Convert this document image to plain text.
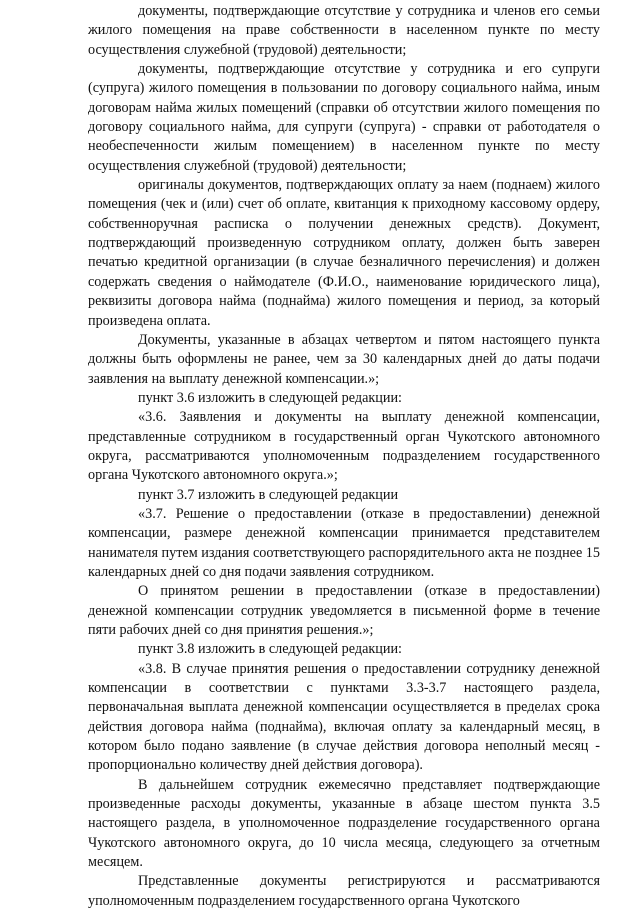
документы, подтверждающие отсутствие у сотрудника и членов его семьи жилого помещения на праве собственности в населенном пункте по месту осуществления служебной (трудовой) деятельности;

документы, подтверждающие отсутствие у сотрудника и его супруги (супруга) жилого помещения в пользовании по договору социального найма, иным договорам найма жилых помещений (справки об отсутствии жилого помещения по договору социального найма, для супруги (супруга) - справки от работодателя о необеспеченности жилым помещением) в населенном пункте по месту осуществления служебной (трудовой) деятельности;

оригиналы документов, подтверждающих оплату за наем (поднаем) жилого помещения (чек и (или) счет об оплате, квитанция к приходному кассовому ордеру, собственноручная расписка о получении денежных средств). Документ, подтверждающий произведенную сотрудником оплату, должен быть заверен печатью кредитной организации (в случае безналичного перечисления) и должен содержать сведения о наймодателе (Ф.И.О., наименование юридического лица), реквизиты договора найма (поднайма) жилого помещения и период, за который произведена оплата.

Документы, указанные в абзацах четвертом и пятом настоящего пункта должны быть оформлены не ранее, чем за 30 календарных дней до даты подачи заявления на выплату денежной компенсации.»;

пункт 3.6 изложить в следующей редакции:

«3.6. Заявления и документы на выплату денежной компенсации, представленные сотрудником в государственный орган Чукотского автономного округа, рассматриваются уполномоченным подразделением государственного органа Чукотского автономного округа.»;

пункт 3.7 изложить в следующей редакции

«3.7. Решение о предоставлении (отказе в предоставлении) денежной компенсации, размере денежной компенсации принимается представителем нанимателя путем издания соответствующего распорядительного акта не позднее 15 календарных дней со дня подачи заявления сотрудником.

О принятом решении в предоставлении (отказе в предоставлении) денежной компенсации сотрудник уведомляется в письменной форме в течение пяти рабочих дней со дня принятия решения.»;

пункт 3.8 изложить в следующей редакции:

«3.8. В случае принятия решения о предоставлении сотруднику денежной компенсации в соответствии с пунктами 3.3-3.7 настоящего раздела, первоначальная выплата денежной компенсации осуществляется в пределах срока действия договора найма (поднайма), включая оплату за календарный месяц, в котором было подано заявление (в случае действия договора неполный месяц - пропорционально количеству дней действия договора).

В дальнейшем сотрудник ежемесячно представляет подтверждающие произведенные расходы документы, указанные в абзаце шестом пункта 3.5 настоящего раздела, в уполномоченное подразделение государственного органа Чукотского автономного округа, до 10 числа месяца, следующего за отчетным месяцем.

Представленные документы регистрируются и рассматриваются уполномоченным подразделением государственного органа Чукотского
